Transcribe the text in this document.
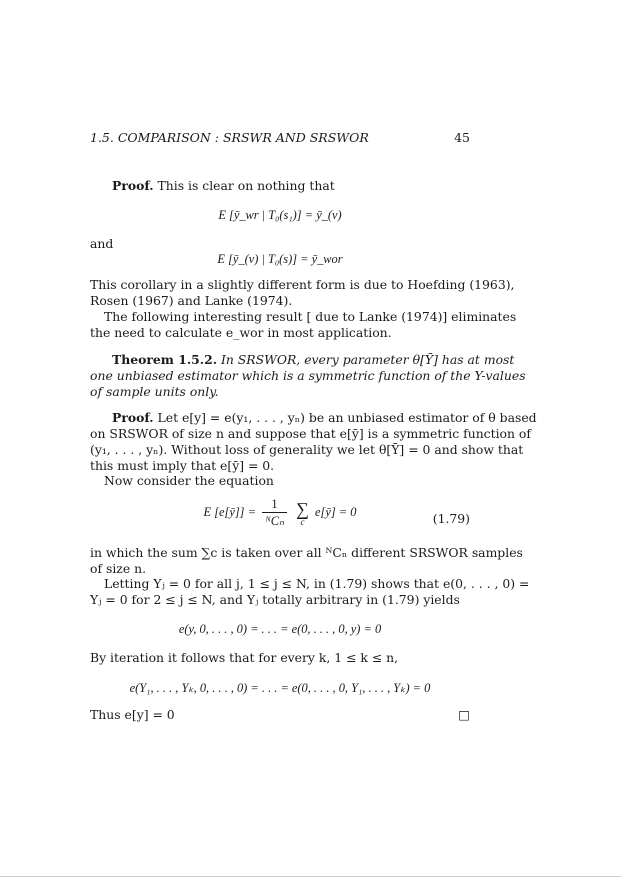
1.5. COMPARISON : SRSWR AND SRSWOR	45
Proof. This is clear on nothing that
E [ȳ_wr | T₀(s₁)] = ȳ_(ν)
and
E [ȳ_(ν) | T₀(s)] = ȳ_wor
This corollary in a slightly different form is due to Hoefding (1963),
Rosen (1967) and Lanke (1974).
The following interesting result [ due to Lanke (1974)] eliminates
the need to calculate e_wor in most application.
Theorem 1.5.2. In SRSWOR, every parameter θ[Ȳ] has at most
one unbiased estimator which is a symmetric function of the Y-values
of sample units only.
Proof. Let e[y] = e(y₁, . . . , yₙ) be an unbiased estimator of θ based
on SRSWOR of size n and suppose that e[ȳ] is a symmetric function of
(y₁, . . . , yₙ). Without loss of generality we let θ[Ȳ] = 0 and show that
this must imply that e[ȳ] = 0.
Now consider the equation
E [e[ȳ]] = $\frac{1}{\text{ᴺCₙ}}$
∑
c
e[ȳ] = 0	(1.79)
in which the sum ∑c is taken over all ᴺCₙ different SRSWOR samples
of size n.
Letting Yⱼ = 0 for all j, 1 ≤ j ≤ N, in (1.79) shows that e(0, . . . , 0) =
Yⱼ = 0 for 2 ≤ j ≤ N, and Yⱼ totally arbitrary in (1.79) yields
e(y, 0, . . . , 0) = . . . = e(0, . . . , 0, y) = 0
By iteration it follows that for every k, 1 ≤ k ≤ n,
e(Y₁, . . . , Yₖ, 0, . . . , 0) = . . . = e(0, . . . , 0, Y₁, . . . , Yₖ) = 0
Thus e[y] = 0	□
